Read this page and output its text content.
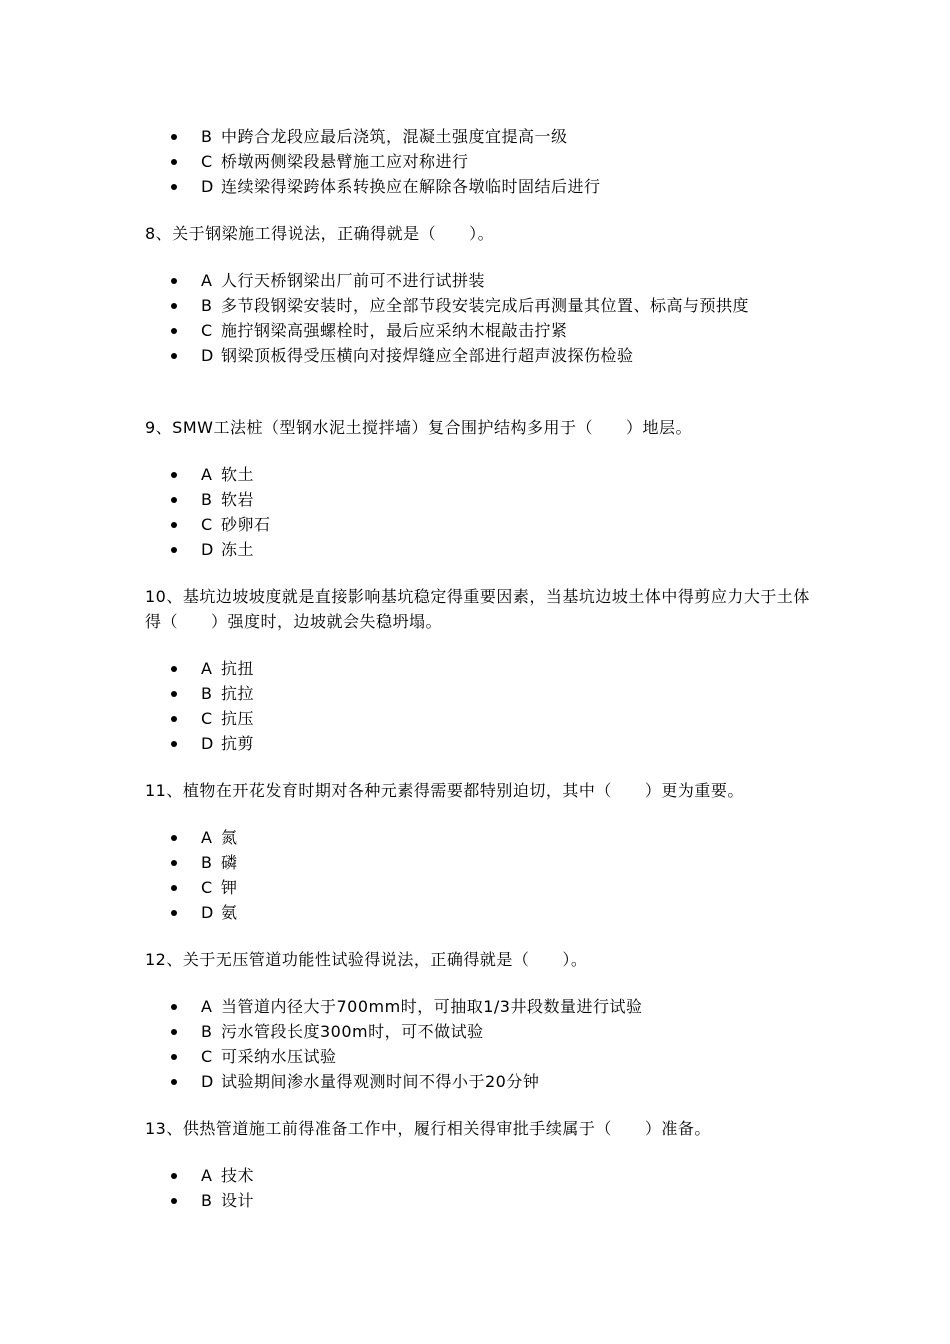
B 中跨合龙段应最后浇筑，混凝土强度宜提高一级
C 桥墩两侧梁段悬臂施工应对称进行
D 连续梁得梁跨体系转换应在解除各墩临时固结后进行

8、关于钢梁施工得说法，正确得就是（　　）。

A 人行天桥钢梁出厂前可不进行试拼装
B 多节段钢梁安装时，应全部节段安装完成后再测量其位置、标高与预拱度
C 施拧钢梁高强螺栓时，最后应采纳木棍敲击拧紧
D 钢梁顶板得受压横向对接焊缝应全部进行超声波探伤检验

9、SMW工法桩（型钢水泥土搅拌墙）复合围护结构多用于（　　）地层。

A 软土
B 软岩
C 砂卵石
D 冻土

10、基坑边坡坡度就是直接影响基坑稳定得重要因素，当基坑边坡土体中得剪应力大于土体得（　　）强度时，边坡就会失稳坍塌。

A 抗扭
B 抗拉
C 抗压
D 抗剪

11、植物在开花发育时期对各种元素得需要都特别迫切，其中（　　）更为重要。

A 氮
B 磷
C 钾
D 氨

12、关于无压管道功能性试验得说法，正确得就是（　　）。

A 当管道内径大于700mm时，可抽取1/3井段数量进行试验
B 污水管段长度300m时，可不做试验
C 可采纳水压试验
D 试验期间渗水量得观测时间不得小于20分钟

13、供热管道施工前得准备工作中，履行相关得审批手续属于（　　）准备。

A 技术
B 设计
